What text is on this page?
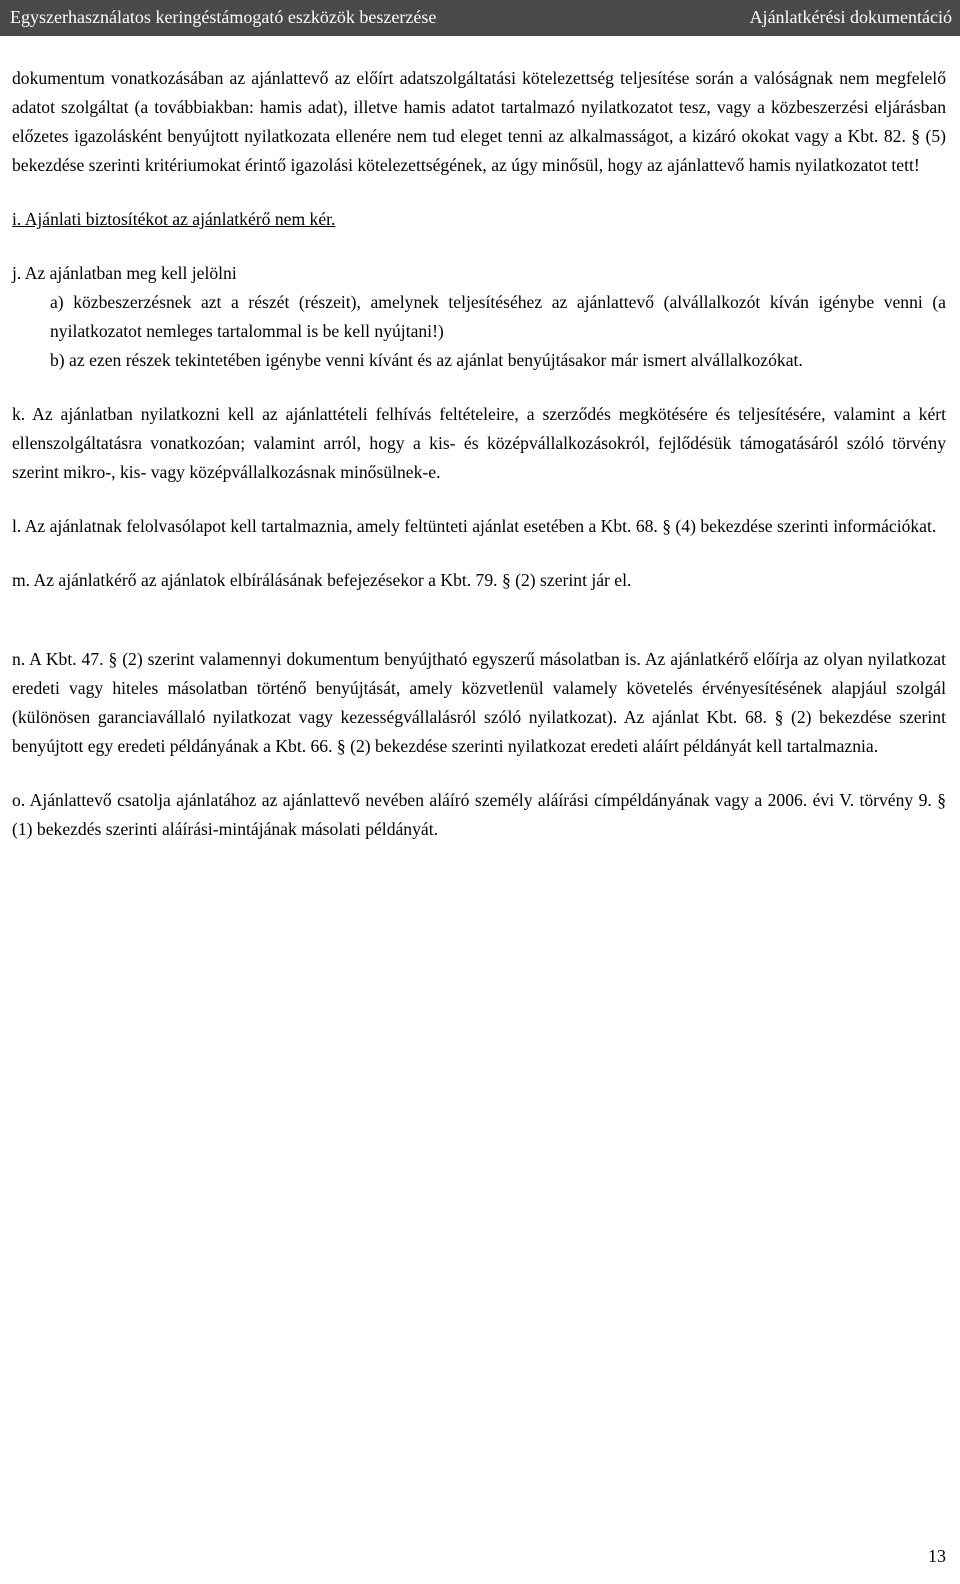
Egyszerhasználatos keringéstámogató eszközök beszerzése	Ajánlatkérési dokumentáció

dokumentum vonatkozásában az ajánlattevő az előírt adatszolgáltatási kötelezettség teljesítése során a valóságnak nem megfelelő adatot szolgáltat (a továbbiakban: hamis adat), illetve hamis adatot tartalmazó nyilatkozatot tesz, vagy a közbeszerzési eljárásban előzetes igazolásként benyújtott nyilatkozata ellenére nem tud eleget tenni az alkalmasságot, a kizáró okokat vagy a Kbt. 82. § (5) bekezdése szerinti kritériumokat érintő igazolási kötelezettségének, az úgy minősül, hogy az ajánlattevő hamis nyilatkozatot tett!

i. Ajánlati biztosítékot az ajánlatkérő nem kér.

j. Az ajánlatban meg kell jelölni

a) közbeszerzésnek azt a részét (részeit), amelynek teljesítéséhez az ajánlattevő (alvállalkozót kíván igénybe venni (a nyilatkozatot nemleges tartalommal is be kell nyújtani!)

b) az ezen részek tekintetében igénybe venni kívánt és az ajánlat benyújtásakor már ismert alvállalkozókat.

k. Az ajánlatban nyilatkozni kell az ajánlattételi felhívás feltételeire, a szerződés megkötésére és teljesítésére, valamint a kért ellenszolgáltatásra vonatkozóan; valamint arról, hogy a kis- és középvállalkozásokról, fejlődésük támogatásáról szóló törvény szerint mikro-, kis- vagy középvállalkozásnak minősülnek-e.

l. Az ajánlatnak felolvasólapot kell tartalmaznia, amely feltünteti ajánlat esetében a Kbt. 68. § (4) bekezdése szerinti információkat.

m. Az ajánlatkérő az ajánlatok elbírálásának befejezésekor a Kbt. 79. § (2) szerint jár el.

n. A Kbt. 47. § (2) szerint valamennyi dokumentum benyújtható egyszerű másolatban is. Az ajánlatkérő előírja az olyan nyilatkozat eredeti vagy hiteles másolatban történő benyújtását, amely közvetlenül valamely követelés érvényesítésének alapjául szolgál (különösen garanciavállaló nyilatkozat vagy kezességvállalásról szóló nyilatkozat). Az ajánlat Kbt. 68. § (2) bekezdése szerint benyújtott egy eredeti példányának a Kbt. 66. § (2) bekezdése szerinti nyilatkozat eredeti aláírt példányát kell tartalmaznia.

o. Ajánlattevő csatolja ajánlatához az ajánlattevő nevében aláíró személy aláírási címpéldányának vagy a 2006. évi V. törvény 9. § (1) bekezdés szerinti aláírási-mintájának másolati példányát.

13
